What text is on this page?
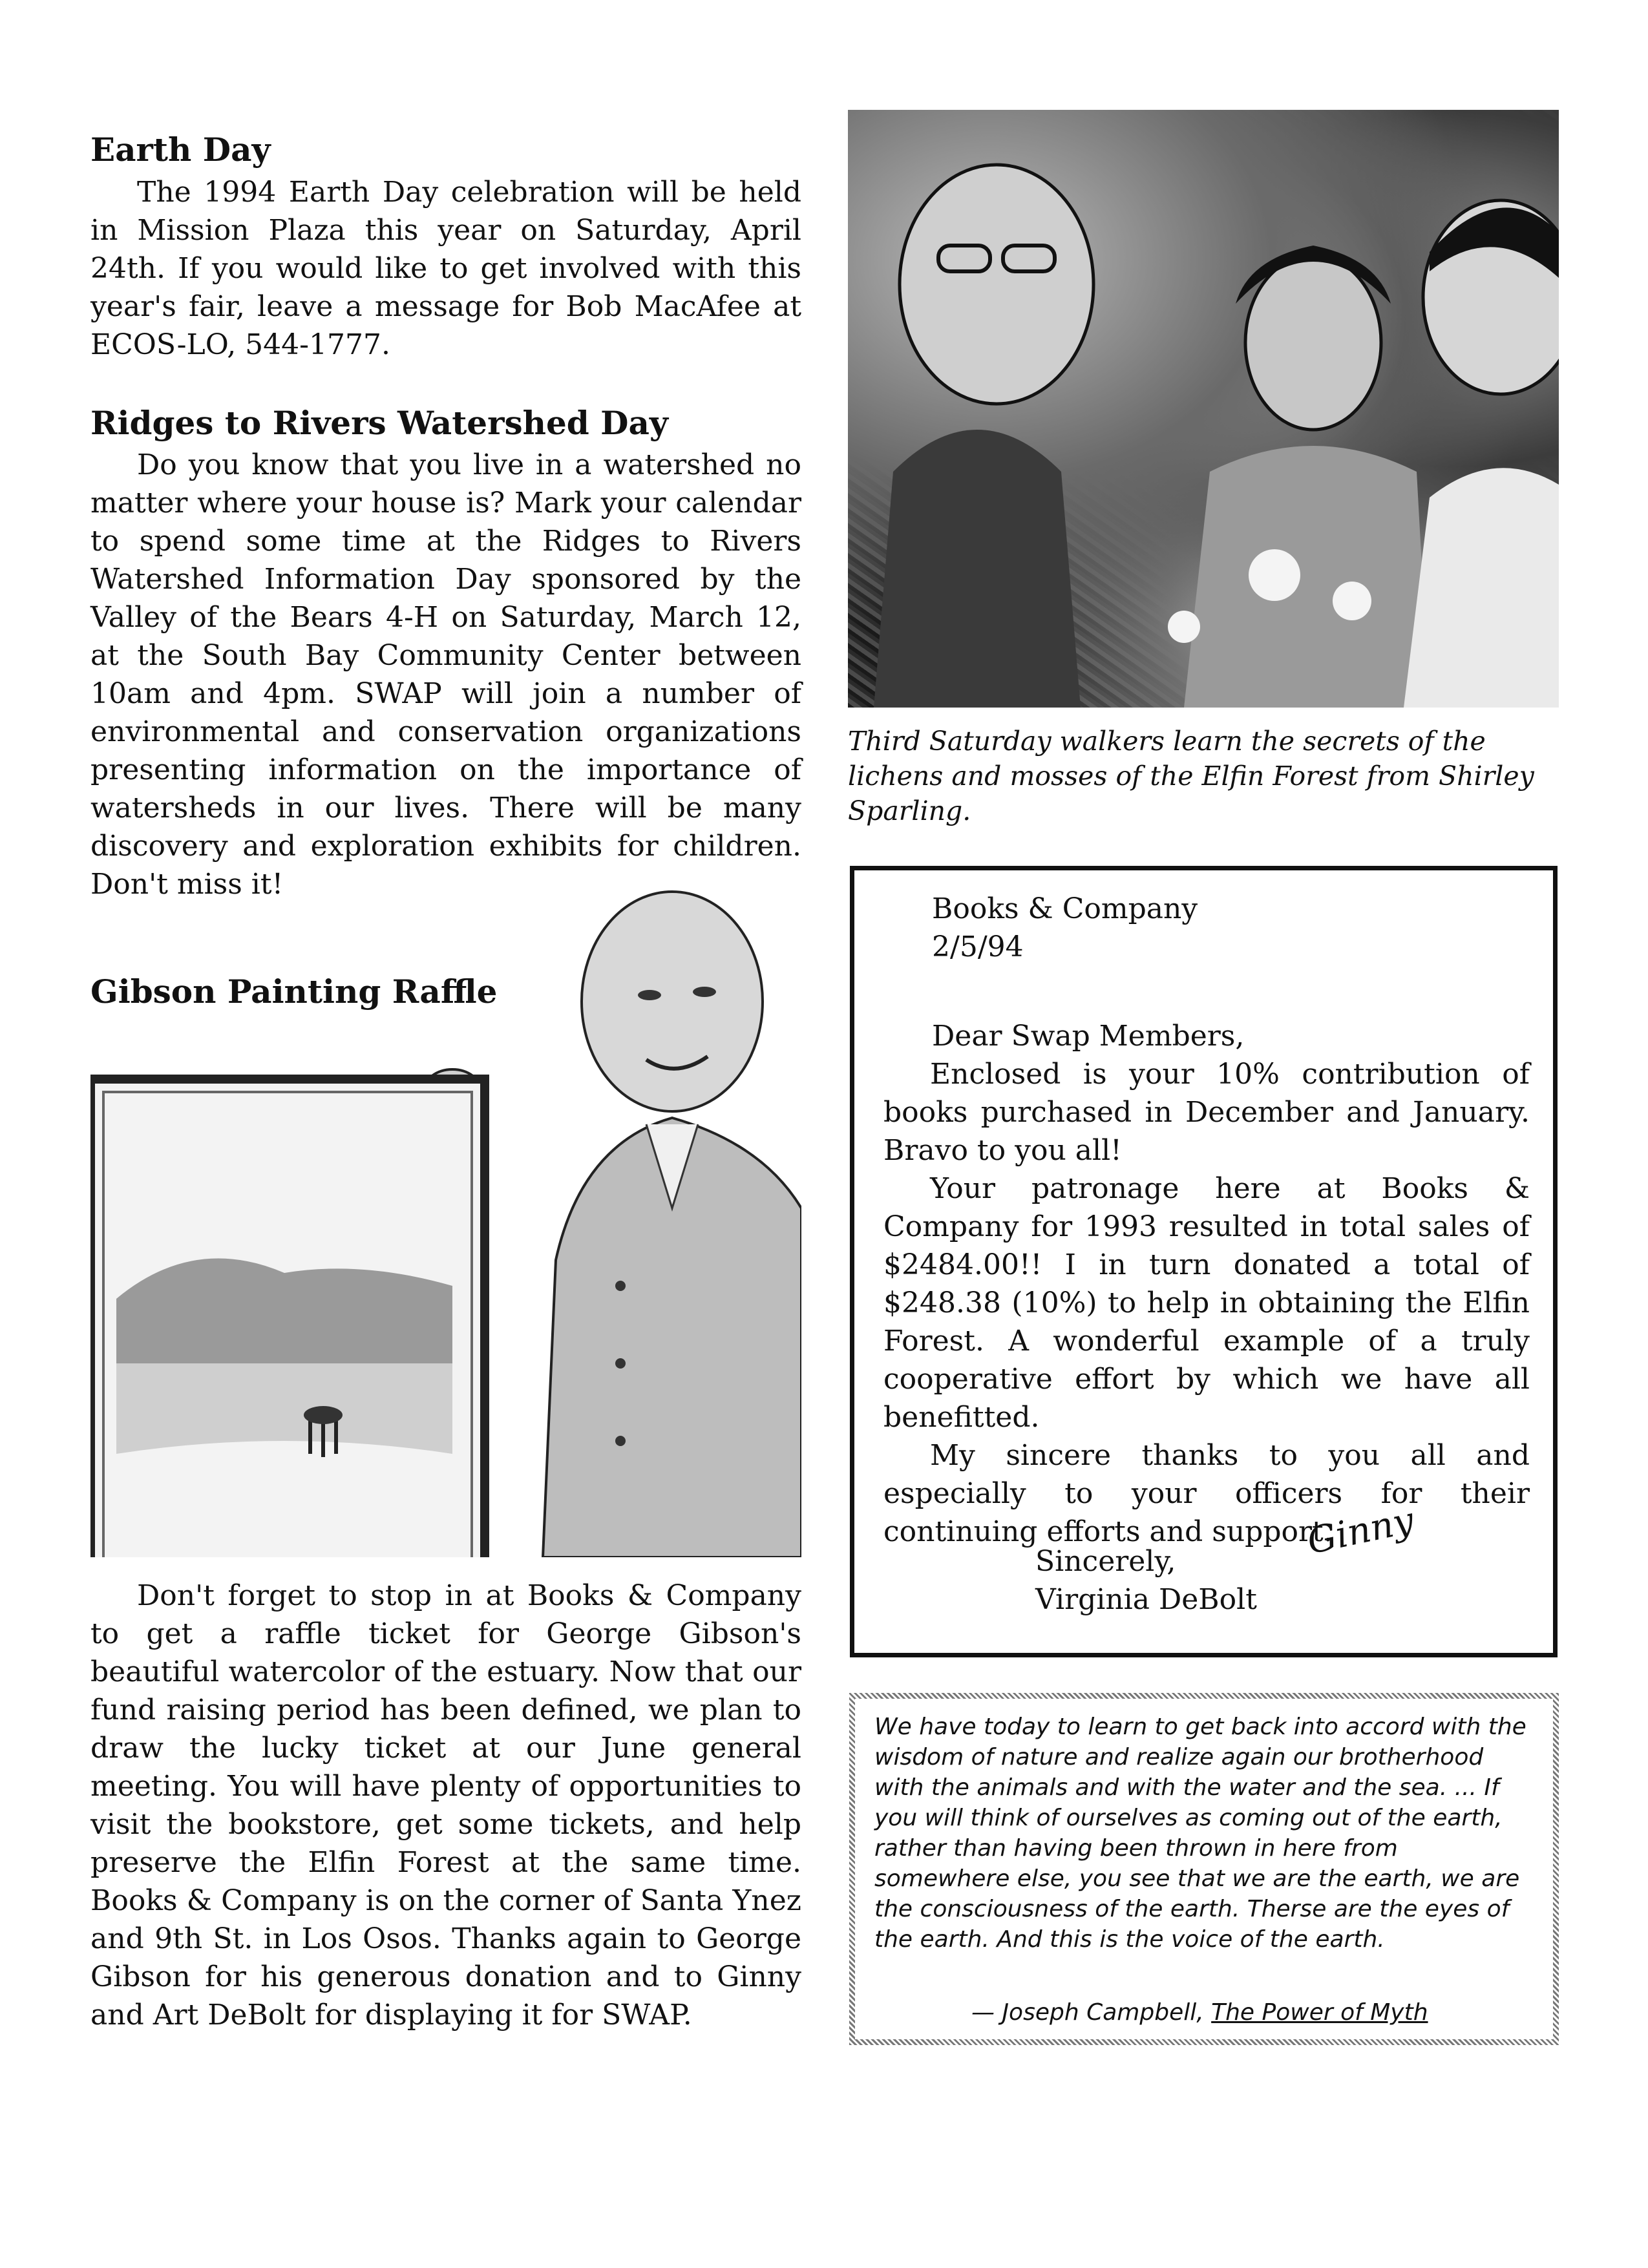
Earth Day

The 1994 Earth Day celebration will be held in Mission Plaza this year on Saturday, April 24th. If you would like to get involved with this year's fair, leave a message for Bob MacAfee at ECOS-LO, 544-1777.

Ridges to Rivers Watershed Day

Do you know that you live in a watershed no matter where your house is? Mark your calendar to spend some time at the Ridges to Rivers Watershed Information Day sponsored by the Valley of the Bears 4-H on Saturday, March 12, at the South Bay Community Center between 10am and 4pm. SWAP will join a number of environmental and conservation organizations presenting information on the importance of watersheds in our lives. There will be many discovery and exploration exhibits for children. Don't miss it!

Gibson Painting Raffle

Don't forget to stop in at Books & Company to get a raffle ticket for George Gibson's beautiful watercolor of the estuary. Now that our fund raising period has been defined, we plan to draw the lucky ticket at our June general meeting. You will have plenty of opportunities to visit the bookstore, get some tickets, and help preserve the Elfin Forest at the same time. Books & Company is on the corner of Santa Ynez and 9th St. in Los Osos. Thanks again to George Gibson for his generous donation and to Ginny and Art DeBolt for displaying it for SWAP.

Third Saturday walkers learn the secrets of the lichens and mosses of the Elfin Forest from Shirley Sparling.

Books & Company
2/5/94
Dear Swap Members,

Enclosed is your 10% contribution of books purchased in December and January. Bravo to you all!

Your patronage here at Books & Company for 1993 resulted in total sales of $2484.00!! I in turn donated a total of $248.38 (10%) to help in obtaining the Elfin Forest. A wonderful example of a truly cooperative effort by which we have all benefitted.

My sincere thanks to you all and especially to your officers for their continuing efforts and support.

Sincerely,
Virginia DeBolt
Ginny

We have today to learn to get back into accord with the wisdom of nature and realize again our brotherhood with the animals and with the water and the sea. ... If you will think of ourselves as coming out of the earth, rather than having been thrown in here from somewhere else, you see that we are the earth, we are the consciousness of the earth. Therse are the eyes of the earth. And this is the voice of the earth.

— Joseph Campbell, The Power of Myth
